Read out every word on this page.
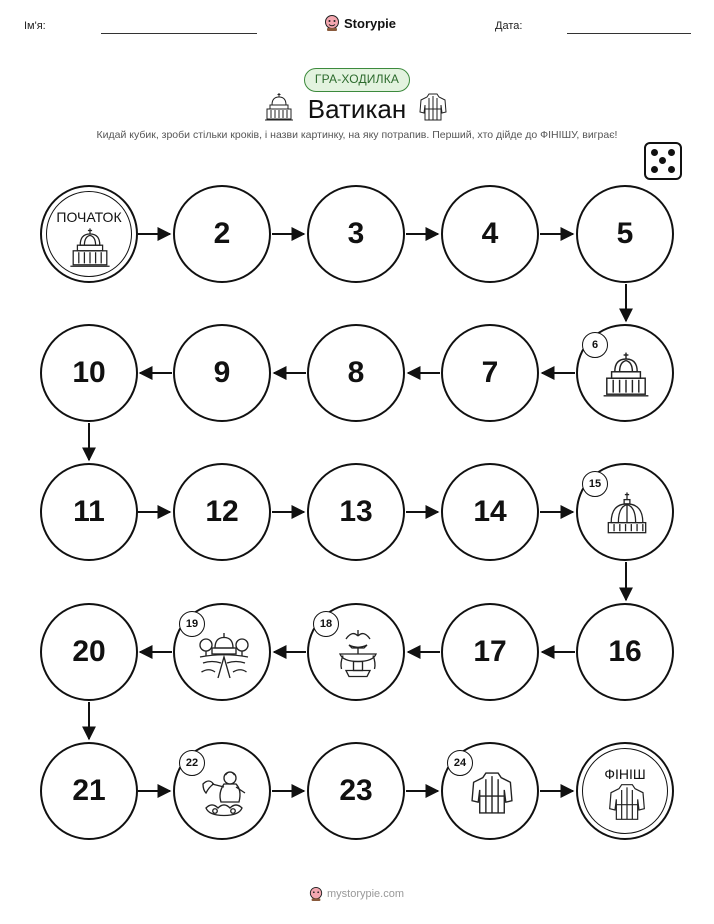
Ім'я:	Storypie	Дата:
ГРА-ХОДИЛКА
Ватикан
Кидай кубик, зроби стільки кроків, і назви картинку, на яку потрапив. Перший, хто дійде до ФІНІШУ, виграє!
ПОЧАТОК	2	3	4	5
10	9	8	7
6
11	12	13	14
15
20
19	18
17	16
21
22
23
24
ФІНІШ
mystorypie.com
